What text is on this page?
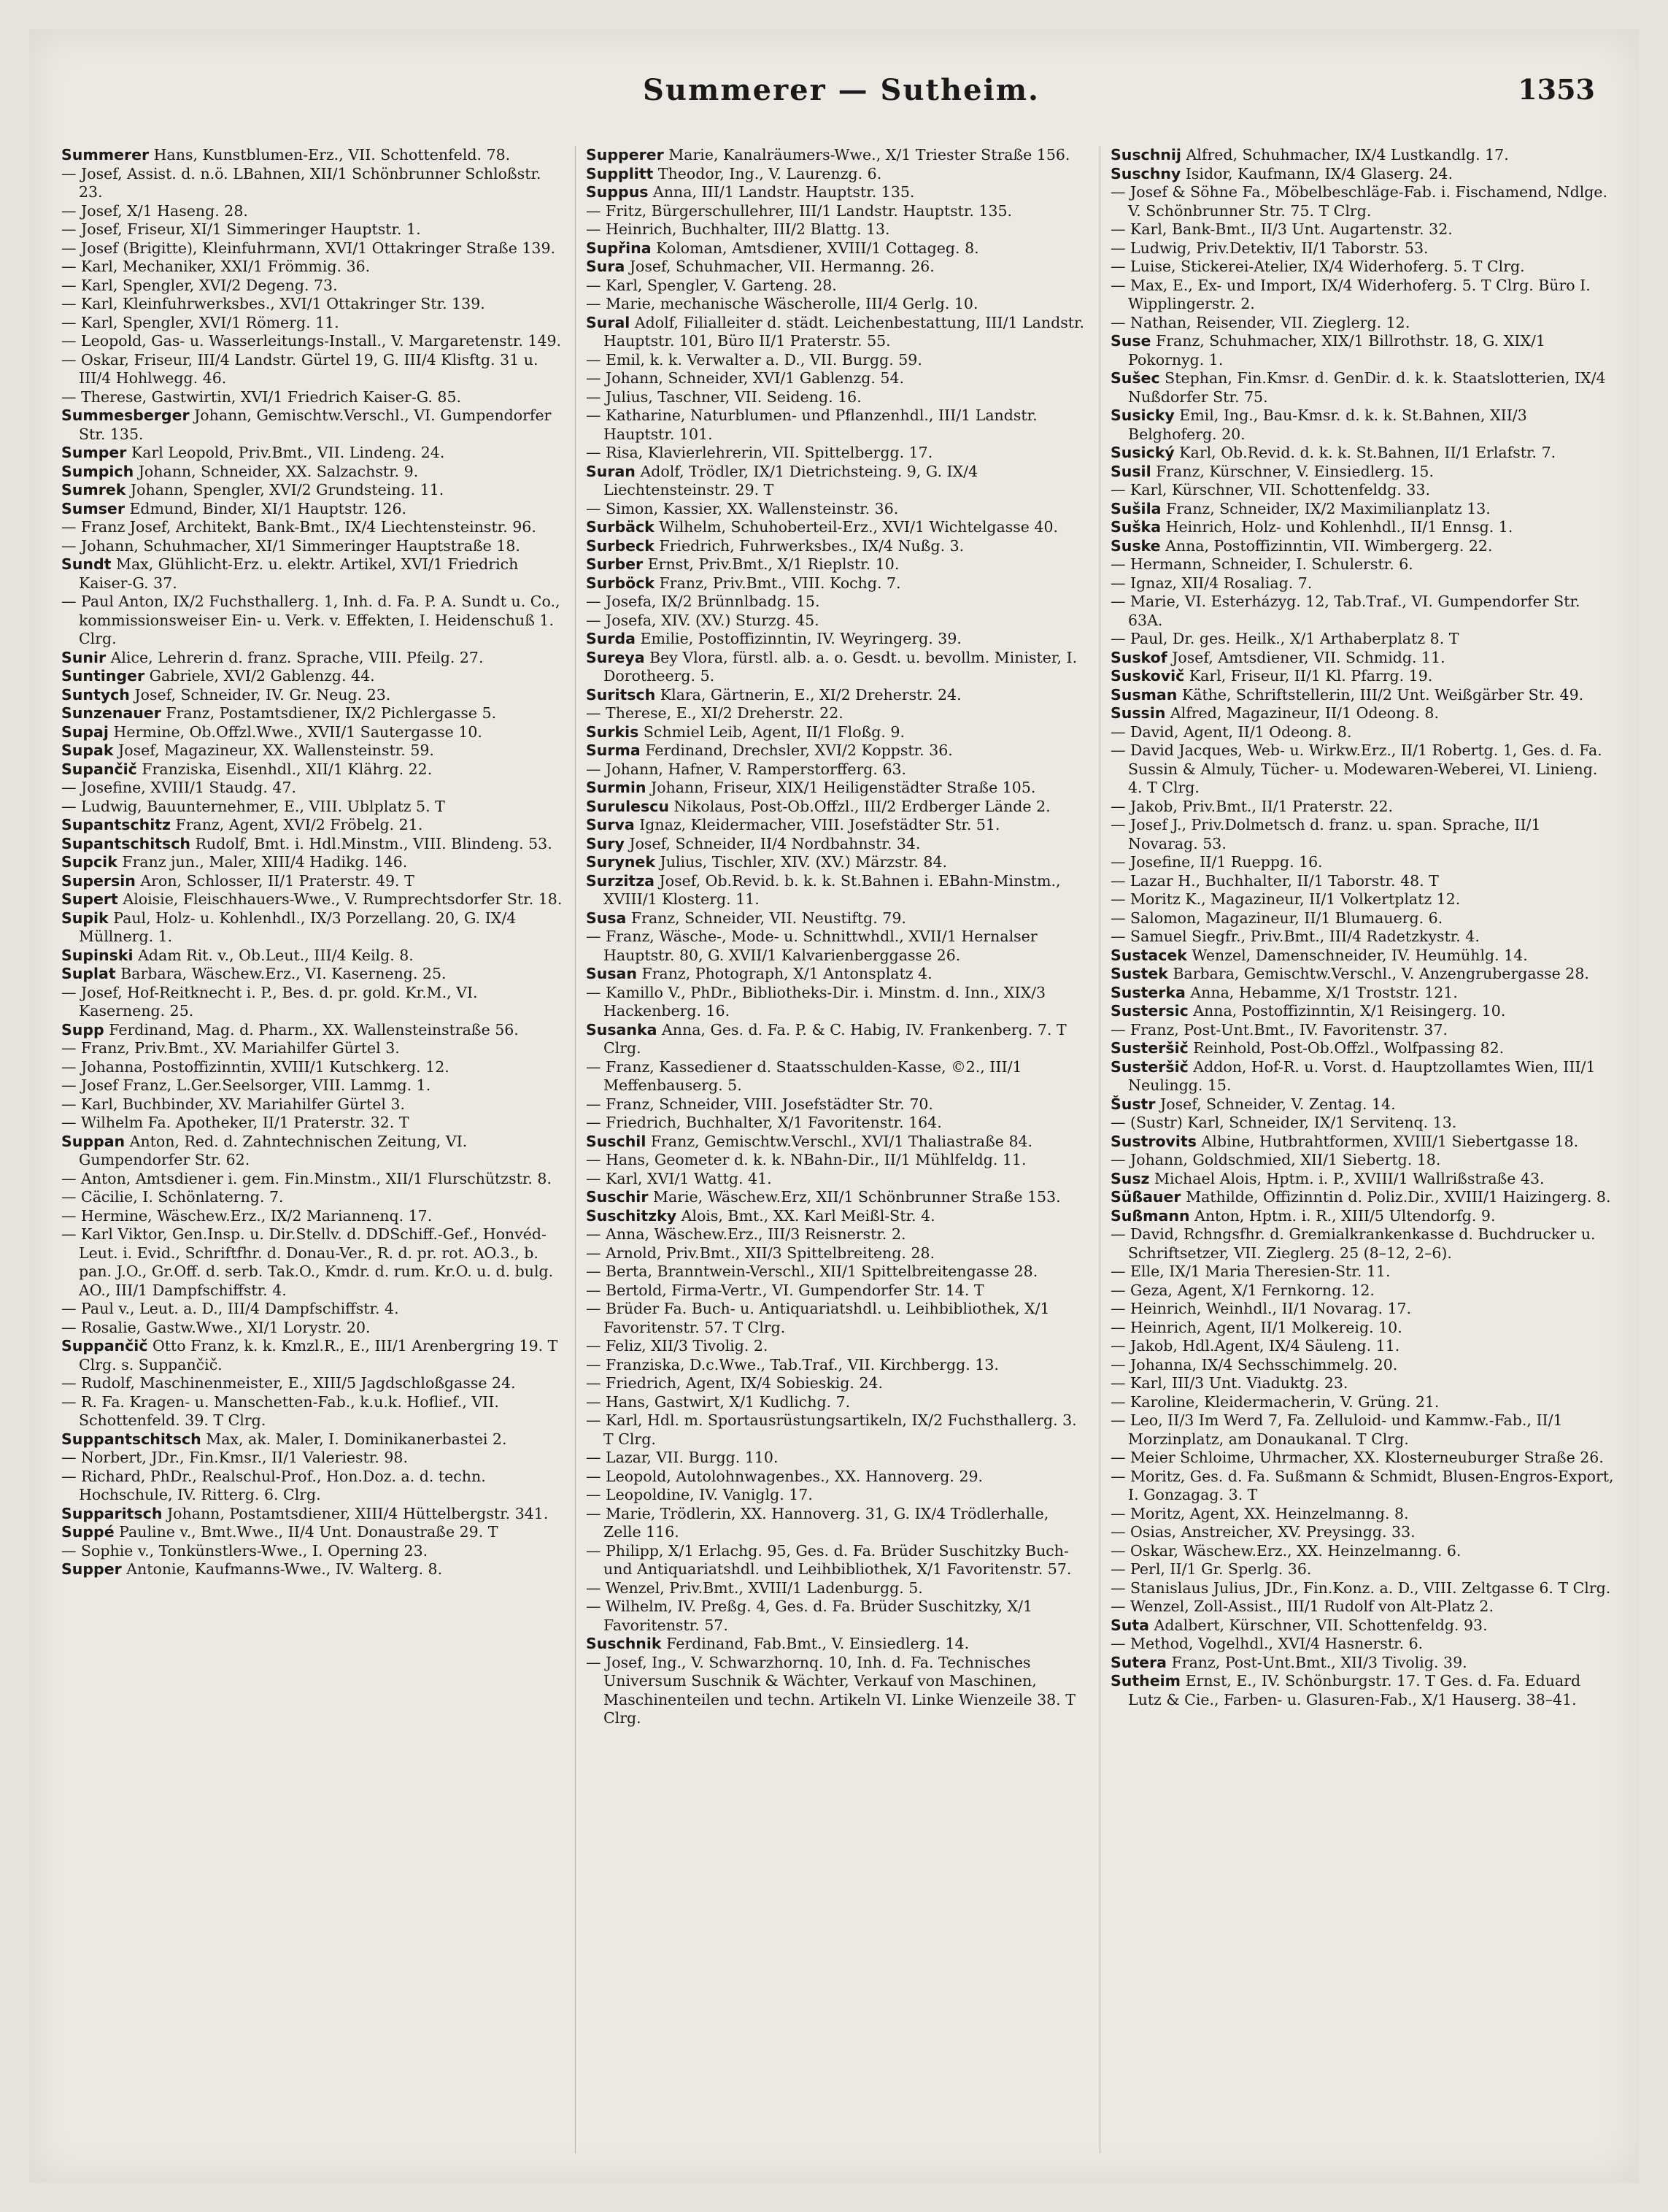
Summerer — Sutheim.	1353

Summerer Hans, Kunstblumen-Erz., VII. Schottenfeld. 78.

— Josef, Assist. d. n.ö. LBahnen, XII/1 Schönbrunner Schloßstr. 23.

— Josef, X/1 Haseng. 28.

— Josef, Friseur, XI/1 Simmeringer Hauptstr. 1.

— Josef (Brigitte), Kleinfuhrmann, XVI/1 Ottakringer Straße 139.

— Karl, Mechaniker, XXI/1 Frömmig. 36.

— Karl, Spengler, XVI/2 Degeng. 73.

— Karl, Kleinfuhrwerksbes., XVI/1 Ottakringer Str. 139.

— Karl, Spengler, XVI/1 Römerg. 11.

— Leopold, Gas- u. Wasserleitungs-Install., V. Margaretenstr. 149.

— Oskar, Friseur, III/4 Landstr. Gürtel 19, G. III/4 Klisftg. 31 u. III/4 Hohlwegg. 46.

— Therese, Gastwirtin, XVI/1 Friedrich Kaiser-G. 85.

Summesberger Johann, Gemischtw.Verschl., VI. Gumpendorfer Str. 135.

Sumper Karl Leopold, Priv.Bmt., VII. Lindeng. 24.

Sumpich Johann, Schneider, XX. Salzachstr. 9.

Sumrek Johann, Spengler, XVI/2 Grundsteing. 11.

Sumser Edmund, Binder, XI/1 Hauptstr. 126.

— Franz Josef, Architekt, Bank-Bmt., IX/4 Liechtensteinstr. 96.

— Johann, Schuhmacher, XI/1 Simmeringer Hauptstraße 18.

Sundt Max, Glühlicht-Erz. u. elektr. Artikel, XVI/1 Friedrich Kaiser-G. 37.

— Paul Anton, IX/2 Fuchsthallerg. 1, Inh. d. Fa. P. A. Sundt u. Co., kommissionsweiser Ein- u. Verk. v. Effekten, I. Heidenschuß 1. Clrg.

Sunir Alice, Lehrerin d. franz. Sprache, VIII. Pfeilg. 27.

Suntinger Gabriele, XVI/2 Gablenzg. 44.

Suntych Josef, Schneider, IV. Gr. Neug. 23.

Sunzenauer Franz, Postamtsdiener, IX/2 Pichlergasse 5.

Supaj Hermine, Ob.Offzl.Wwe., XVII/1 Sautergasse 10.

Supak Josef, Magazineur, XX. Wallensteinstr. 59.

Supančič Franziska, Eisenhdl., XII/1 Klährg. 22.

— Josefine, XVIII/1 Staudg. 47.

— Ludwig, Bauunternehmer, E., VIII. Ublplatz 5. T

Supantschitz Franz, Agent, XVI/2 Fröbelg. 21.

Supantschitsch Rudolf, Bmt. i. Hdl.Minstm., VIII. Blindeng. 53.

Supcik Franz jun., Maler, XIII/4 Hadikg. 146.

Supersin Aron, Schlosser, II/1 Praterstr. 49. T

Supert Aloisie, Fleischhauers-Wwe., V. Rumprechtsdorfer Str. 18.

Supik Paul, Holz- u. Kohlenhdl., IX/3 Porzellang. 20, G. IX/4 Müllnerg. 1.

Supinski Adam Rit. v., Ob.Leut., III/4 Keilg. 8.

Suplat Barbara, Wäschew.Erz., VI. Kaserneng. 25.

— Josef, Hof-Reitknecht i. P., Bes. d. pr. gold. Kr.M., VI. Kaserneng. 25.

Supp Ferdinand, Mag. d. Pharm., XX. Wallensteinstraße 56.

— Franz, Priv.Bmt., XV. Mariahilfer Gürtel 3.

— Johanna, Postoffizinntin, XVIII/1 Kutschkerg. 12.

— Josef Franz, L.Ger.Seelsorger, VIII. Lammg. 1.

— Karl, Buchbinder, XV. Mariahilfer Gürtel 3.

— Wilhelm Fa. Apotheker, II/1 Praterstr. 32. T

Suppan Anton, Red. d. Zahntechnischen Zeitung, VI. Gumpendorfer Str. 62.

— Anton, Amtsdiener i. gem. Fin.Minstm., XII/1 Flurschützstr. 8.

— Cäcilie, I. Schönlaterng. 7.

— Hermine, Wäschew.Erz., IX/2 Mariannenq. 17.

— Karl Viktor, Gen.Insp. u. Dir.Stellv. d. DDSchiff.-Gef., Honvéd-Leut. i. Evid., Schriftfhr. d. Donau-Ver., R. d. pr. rot. AO.3., b. pan. J.O., Gr.Off. d. serb. Tak.O., Kmdr. d. rum. Kr.O. u. d. bulg. AO., III/1 Dampfschiffstr. 4.

— Paul v., Leut. a. D., III/4 Dampfschiffstr. 4.

— Rosalie, Gastw.Wwe., XI/1 Lorystr. 20.

Suppančič Otto Franz, k. k. Kmzl.R., E., III/1 Arenbergring 19. T Clrg. s. Suppančič.

— Rudolf, Maschinenmeister, E., XIII/5 Jagdschloßgasse 24.

— R. Fa. Kragen- u. Manschetten-Fab., k.u.k. Hoflief., VII. Schottenfeld. 39. T Clrg.

Suppantschitsch Max, ak. Maler, I. Dominikanerbastei 2.

— Norbert, JDr., Fin.Kmsr., II/1 Valeriestr. 98.

— Richard, PhDr., Realschul-Prof., Hon.Doz. a. d. techn. Hochschule, IV. Ritterg. 6. Clrg.

Supparitsch Johann, Postamtsdiener, XIII/4 Hüttelbergstr. 341.

Suppé Pauline v., Bmt.Wwe., II/4 Unt. Donaustraße 29. T

— Sophie v., Tonkünstlers-Wwe., I. Operning 23.

Supper Antonie, Kaufmanns-Wwe., IV. Walterg. 8.

Supperer Marie, Kanalräumers-Wwe., X/1 Triester Straße 156.

Supplitt Theodor, Ing., V. Laurenzg. 6.

Suppus Anna, III/1 Landstr. Hauptstr. 135.

— Fritz, Bürgerschullehrer, III/1 Landstr. Hauptstr. 135.

— Heinrich, Buchhalter, III/2 Blattg. 13.

Supřina Koloman, Amtsdiener, XVIII/1 Cottageg. 8.

Sura Josef, Schuhmacher, VII. Hermanng. 26.

— Karl, Spengler, V. Garteng. 28.

— Marie, mechanische Wäscherolle, III/4 Gerlg. 10.

Sural Adolf, Filialleiter d. städt. Leichenbestattung, III/1 Landstr. Hauptstr. 101, Büro II/1 Praterstr. 55.

— Emil, k. k. Verwalter a. D., VII. Burgg. 59.

— Johann, Schneider, XVI/1 Gablenzg. 54.

— Julius, Taschner, VII. Seideng. 16.

— Katharine, Naturblumen- und Pflanzenhdl., III/1 Landstr. Hauptstr. 101.

— Risa, Klavierlehrerin, VII. Spittelbergg. 17.

Suran Adolf, Trödler, IX/1 Dietrichsteing. 9, G. IX/4 Liechtensteinstr. 29. T

— Simon, Kassier, XX. Wallensteinstr. 36.

Surbäck Wilhelm, Schuhoberteil-Erz., XVI/1 Wichtelgasse 40.

Surbeck Friedrich, Fuhrwerksbes., IX/4 Nußg. 3.

Surber Ernst, Priv.Bmt., X/1 Rieplstr. 10.

Surböck Franz, Priv.Bmt., VIII. Kochg. 7.

— Josefa, IX/2 Brünnlbadg. 15.

— Josefa, XIV. (XV.) Sturzg. 45.

Surda Emilie, Postoffizinntin, IV. Weyringerg. 39.

Sureya Bey Vlora, fürstl. alb. a. o. Gesdt. u. bevollm. Minister, I. Dorotheerg. 5.

Suritsch Klara, Gärtnerin, E., XI/2 Dreherstr. 24.

— Therese, E., XI/2 Dreherstr. 22.

Surkis Schmiel Leib, Agent, II/1 Floßg. 9.

Surma Ferdinand, Drechsler, XVI/2 Koppstr. 36.

— Johann, Hafner, V. Ramperstorfferg. 63.

Surmin Johann, Friseur, XIX/1 Heiligenstädter Straße 105.

Surulescu Nikolaus, Post-Ob.Offzl., III/2 Erdberger Lände 2.

Surva Ignaz, Kleidermacher, VIII. Josefstädter Str. 51.

Sury Josef, Schneider, II/4 Nordbahnstr. 34.

Surynek Julius, Tischler, XIV. (XV.) Märzstr. 84.

Surzitza Josef, Ob.Revid. b. k. k. St.Bahnen i. EBahn-Minstm., XVIII/1 Klosterg. 11.

Susa Franz, Schneider, VII. Neustiftg. 79.

— Franz, Wäsche-, Mode- u. Schnittwhdl., XVII/1 Hernalser Hauptstr. 80, G. XVII/1 Kalvarienberggasse 26.

Susan Franz, Photograph, X/1 Antonsplatz 4.

— Kamillo V., PhDr., Bibliotheks-Dir. i. Minstm. d. Inn., XIX/3 Hackenberg. 16.

Susanka Anna, Ges. d. Fa. P. & C. Habig, IV. Frankenberg. 7. T Clrg.

— Franz, Kassediener d. Staatsschulden-Kasse, ©2., III/1 Meffenbauserg. 5.

— Franz, Schneider, VIII. Josefstädter Str. 70.

— Friedrich, Buchhalter, X/1 Favoritenstr. 164.

Suschil Franz, Gemischtw.Verschl., XVI/1 Thaliastraße 84.

— Hans, Geometer d. k. k. NBahn-Dir., II/1 Mühlfeldg. 11.

— Karl, XVI/1 Wattg. 41.

Suschir Marie, Wäschew.Erz, XII/1 Schönbrunner Straße 153.

Suschitzky Alois, Bmt., XX. Karl Meißl-Str. 4.

— Anna, Wäschew.Erz., III/3 Reisnerstr. 2.

— Arnold, Priv.Bmt., XII/3 Spittelbreiteng. 28.

— Berta, Branntwein-Verschl., XII/1 Spittelbreitengasse 28.

— Bertold, Firma-Vertr., VI. Gumpendorfer Str. 14. T

— Brüder Fa. Buch- u. Antiquariatshdl. u. Leihbibliothek, X/1 Favoritenstr. 57. T Clrg.

— Feliz, XII/3 Tivolig. 2.

— Franziska, D.c.Wwe., Tab.Traf., VII. Kirchbergg. 13.

— Friedrich, Agent, IX/4 Sobieskig. 24.

— Hans, Gastwirt, X/1 Kudlichg. 7.

— Karl, Hdl. m. Sportausrüstungsartikeln, IX/2 Fuchsthallerg. 3. T Clrg.

— Lazar, VII. Burgg. 110.

— Leopold, Autolohnwagenbes., XX. Hannoverg. 29.

— Leopoldine, IV. Vaniglg. 17.

— Marie, Trödlerin, XX. Hannoverg. 31, G. IX/4 Trödlerhalle, Zelle 116.

— Philipp, X/1 Erlachg. 95, Ges. d. Fa. Brüder Suschitzky Buch- und Antiquariatshdl. und Leihbibliothek, X/1 Favoritenstr. 57.

— Wenzel, Priv.Bmt., XVIII/1 Ladenburgg. 5.

— Wilhelm, IV. Preßg. 4, Ges. d. Fa. Brüder Suschitzky, X/1 Favoritenstr. 57.

Suschnik Ferdinand, Fab.Bmt., V. Einsiedlerg. 14.

— Josef, Ing., V. Schwarzhornq. 10, Inh. d. Fa. Technisches Universum Suschnik & Wächter, Verkauf von Maschinen, Maschinenteilen und techn. Artikeln VI. Linke Wienzeile 38. T Clrg.

Suschnij Alfred, Schuhmacher, IX/4 Lustkandlg. 17.

Suschny Isidor, Kaufmann, IX/4 Glaserg. 24.

— Josef & Söhne Fa., Möbelbeschläge-Fab. i. Fischamend, Ndlge. V. Schönbrunner Str. 75. T Clrg.

— Karl, Bank-Bmt., II/3 Unt. Augartenstr. 32.

— Ludwig, Priv.Detektiv, II/1 Taborstr. 53.

— Luise, Stickerei-Atelier, IX/4 Widerhoferg. 5. T Clrg.

— Max, E., Ex- und Import, IX/4 Widerhoferg. 5. T Clrg. Büro I. Wipplingerstr. 2.

— Nathan, Reisender, VII. Zieglerg. 12.

Suse Franz, Schuhmacher, XIX/1 Billrothstr. 18, G. XIX/1 Pokornyg. 1.

Sušec Stephan, Fin.Kmsr. d. GenDir. d. k. k. Staatslotterien, IX/4 Nußdorfer Str. 75.

Susicky Emil, Ing., Bau-Kmsr. d. k. k. St.Bahnen, XII/3 Belghoferg. 20.

Susický Karl, Ob.Revid. d. k. k. St.Bahnen, II/1 Erlafstr. 7.

Susil Franz, Kürschner, V. Einsiedlerg. 15.

— Karl, Kürschner, VII. Schottenfeldg. 33.

Sušila Franz, Schneider, IX/2 Maximilianplatz 13.

Suška Heinrich, Holz- und Kohlenhdl., II/1 Ennsg. 1.

Suske Anna, Postoffizinntin, VII. Wimbergerg. 22.

— Hermann, Schneider, I. Schulerstr. 6.

— Ignaz, XII/4 Rosaliag. 7.

— Marie, VI. Esterházyg. 12, Tab.Traf., VI. Gumpendorfer Str. 63A.

— Paul, Dr. ges. Heilk., X/1 Arthaberplatz 8. T

Suskof Josef, Amtsdiener, VII. Schmidg. 11.

Suskovič Karl, Friseur, II/1 Kl. Pfarrg. 19.

Susman Käthe, Schriftstellerin, III/2 Unt. Weißgärber Str. 49.

Sussin Alfred, Magazineur, II/1 Odeong. 8.

— David, Agent, II/1 Odeong. 8.

— David Jacques, Web- u. Wirkw.Erz., II/1 Robertg. 1, Ges. d. Fa. Sussin & Almuly, Tücher- u. Modewaren-Weberei, VI. Linieng. 4. T Clrg.

— Jakob, Priv.Bmt., II/1 Praterstr. 22.

— Josef J., Priv.Dolmetsch d. franz. u. span. Sprache, II/1 Novarag. 53.

— Josefine, II/1 Rueppg. 16.

— Lazar H., Buchhalter, II/1 Taborstr. 48. T

— Moritz K., Magazineur, II/1 Volkertplatz 12.

— Salomon, Magazineur, II/1 Blumauerg. 6.

— Samuel Siegfr., Priv.Bmt., III/4 Radetzkystr. 4.

Sustacek Wenzel, Damenschneider, IV. Heumühlg. 14.

Sustek Barbara, Gemischtw.Verschl., V. Anzengrubergasse 28.

Susterka Anna, Hebamme, X/1 Troststr. 121.

Sustersic Anna, Postoffizinntin, X/1 Reisingerg. 10.

— Franz, Post-Unt.Bmt., IV. Favoritenstr. 37.

Susteršič Reinhold, Post-Ob.Offzl., Wolfpassing 82.

Susteršič Addon, Hof-R. u. Vorst. d. Hauptzollamtes Wien, III/1 Neulingg. 15.

Šustr Josef, Schneider, V. Zentag. 14.

— (Sustr) Karl, Schneider, IX/1 Servitenq. 13.

Sustrovits Albine, Hutbrahtformen, XVIII/1 Siebertgasse 18.

— Johann, Goldschmied, XII/1 Siebertg. 18.

Susz Michael Alois, Hptm. i. P., XVIII/1 Wallrißstraße 43.

Süßauer Mathilde, Offizinntin d. Poliz.Dir., XVIII/1 Haizingerg. 8.

Sußmann Anton, Hptm. i. R., XIII/5 Ultendorfg. 9.

— David, Rchngsfhr. d. Gremialkrankenkasse d. Buchdrucker u. Schriftsetzer, VII. Zieglerg. 25 (8–12, 2–6).

— Elle, IX/1 Maria Theresien-Str. 11.

— Geza, Agent, X/1 Fernkorng. 12.

— Heinrich, Weinhdl., II/1 Novarag. 17.

— Heinrich, Agent, II/1 Molkereig. 10.

— Jakob, Hdl.Agent, IX/4 Säuleng. 11.

— Johanna, IX/4 Sechsschimmelg. 20.

— Karl, III/3 Unt. Viaduktg. 23.

— Karoline, Kleidermacherin, V. Grüng. 21.

— Leo, II/3 Im Werd 7, Fa. Zelluloid- und Kammw.-Fab., II/1 Morzinplatz, am Donaukanal. T Clrg.

— Meier Schloime, Uhrmacher, XX. Klosterneuburger Straße 26.

— Moritz, Ges. d. Fa. Sußmann & Schmidt, Blusen-Engros-Export, I. Gonzagag. 3. T

— Moritz, Agent, XX. Heinzelmanng. 8.

— Osias, Anstreicher, XV. Preysingg. 33.

— Oskar, Wäschew.Erz., XX. Heinzelmanng. 6.

— Perl, II/1 Gr. Sperlg. 36.

— Stanislaus Julius, JDr., Fin.Konz. a. D., VIII. Zeltgasse 6. T Clrg.

— Wenzel, Zoll-Assist., III/1 Rudolf von Alt-Platz 2.

Suta Adalbert, Kürschner, VII. Schottenfeldg. 93.

— Method, Vogelhdl., XVI/4 Hasnerstr. 6.

Sutera Franz, Post-Unt.Bmt., XII/3 Tivolig. 39.

Sutheim Ernst, E., IV. Schönburgstr. 17. T Ges. d. Fa. Eduard Lutz & Cie., Farben- u. Glasuren-Fab., X/1 Hauserg. 38–41.
